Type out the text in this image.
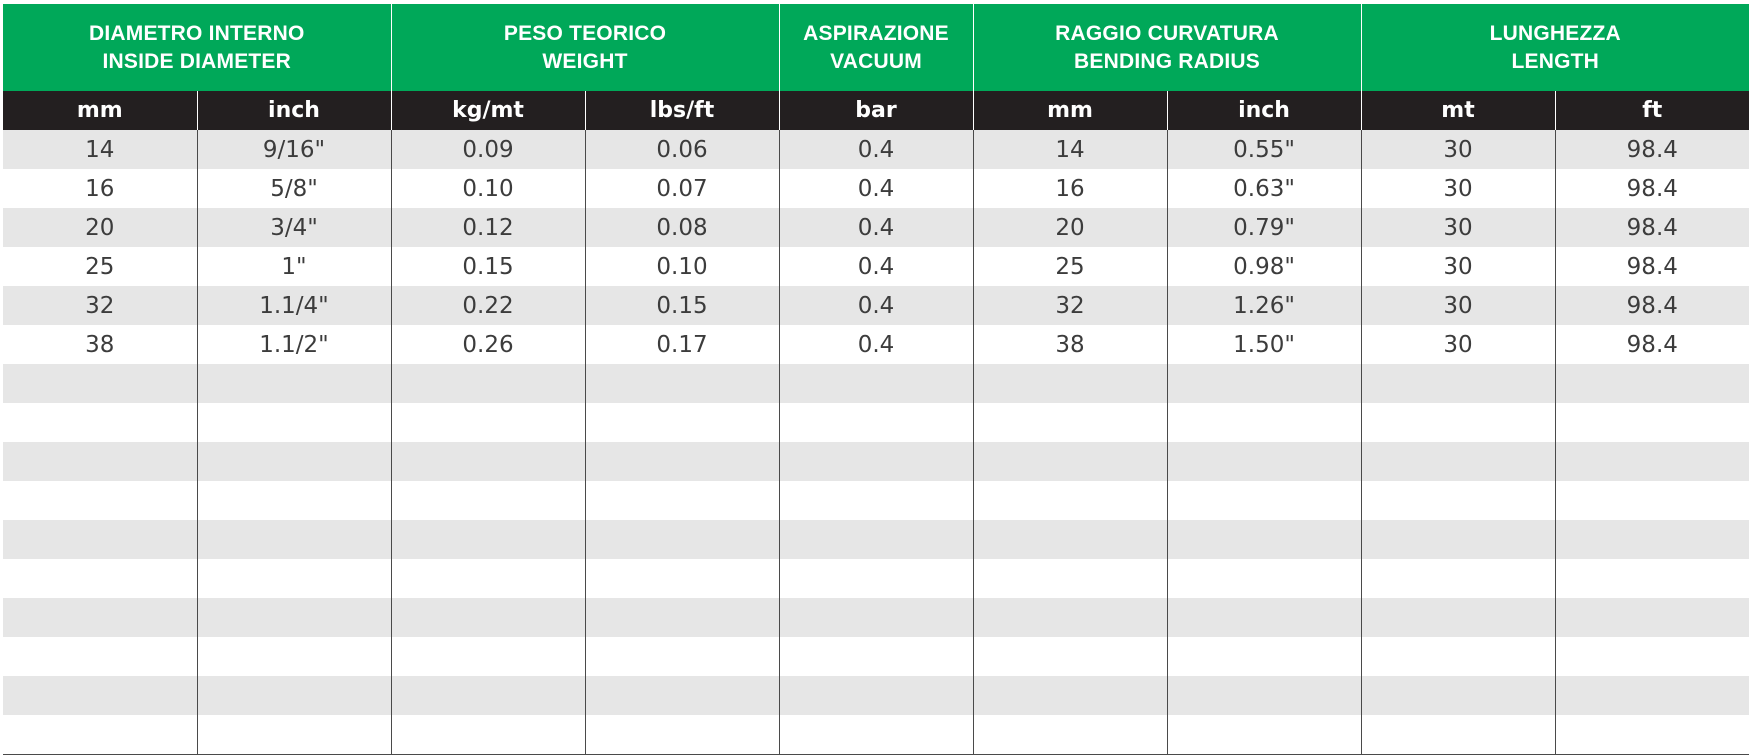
DIAMETRO INTERNO
INSIDE DIAMETER		PESO TEORICO
WEIGHT		ASPIRAZIONE
VACUUM	RAGGIO CURVATURA
BENDING RADIUS		LUNGHEZZA
LENGTH	

mm	inch	kg/mt	lbs/ft	bar	mm	inch	mt	ft
14	9/16"	0.09	0.06	0.4	14	0.55"	30	98.4
16	5/8"	0.10	0.07	0.4	16	0.63"	30	98.4
20	3/4"	0.12	0.08	0.4	20	0.79"	30	98.4
25	1"	0.15	0.10	0.4	25	0.98"	30	98.4
32	1.1/4"	0.22	0.15	0.4	32	1.26"	30	98.4
38	1.1/2"	0.26	0.17	0.4	38	1.50"	30	98.4
